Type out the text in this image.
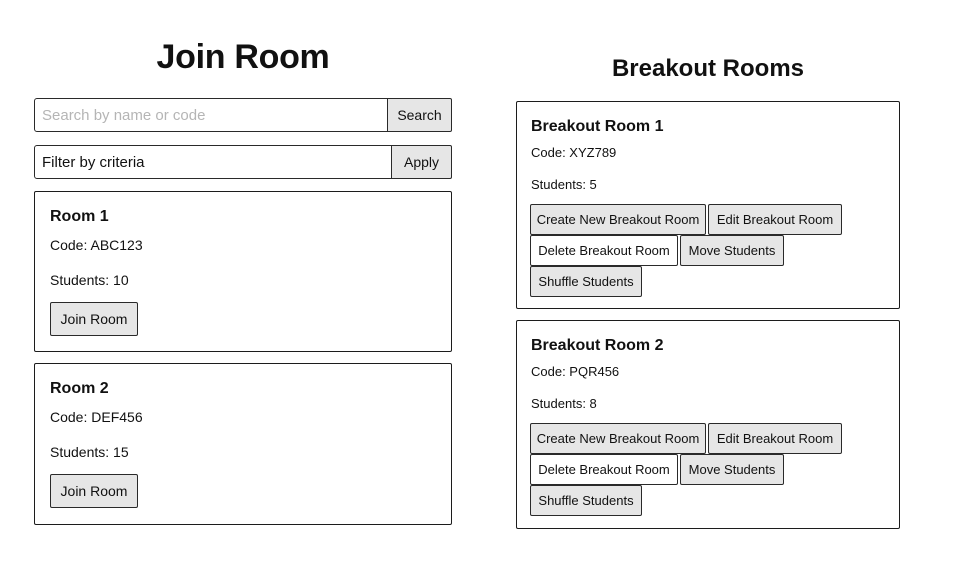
Join Room
Search by name or code
Search
Filter by criteria
Apply
Room 1
Code: ABC123
Students: 10
Join Room
Room 2
Code: DEF456
Students: 15
Join Room
Breakout Rooms
Breakout Room 1
Code: XYZ789
Students: 5
Create New Breakout Room	Edit Breakout Room
Delete Breakout Room	Move Students
Shuffle Students
Breakout Room 2
Code: PQR456
Students: 8
Create New Breakout Room	Edit Breakout Room
Delete Breakout Room	Move Students
Shuffle Students
